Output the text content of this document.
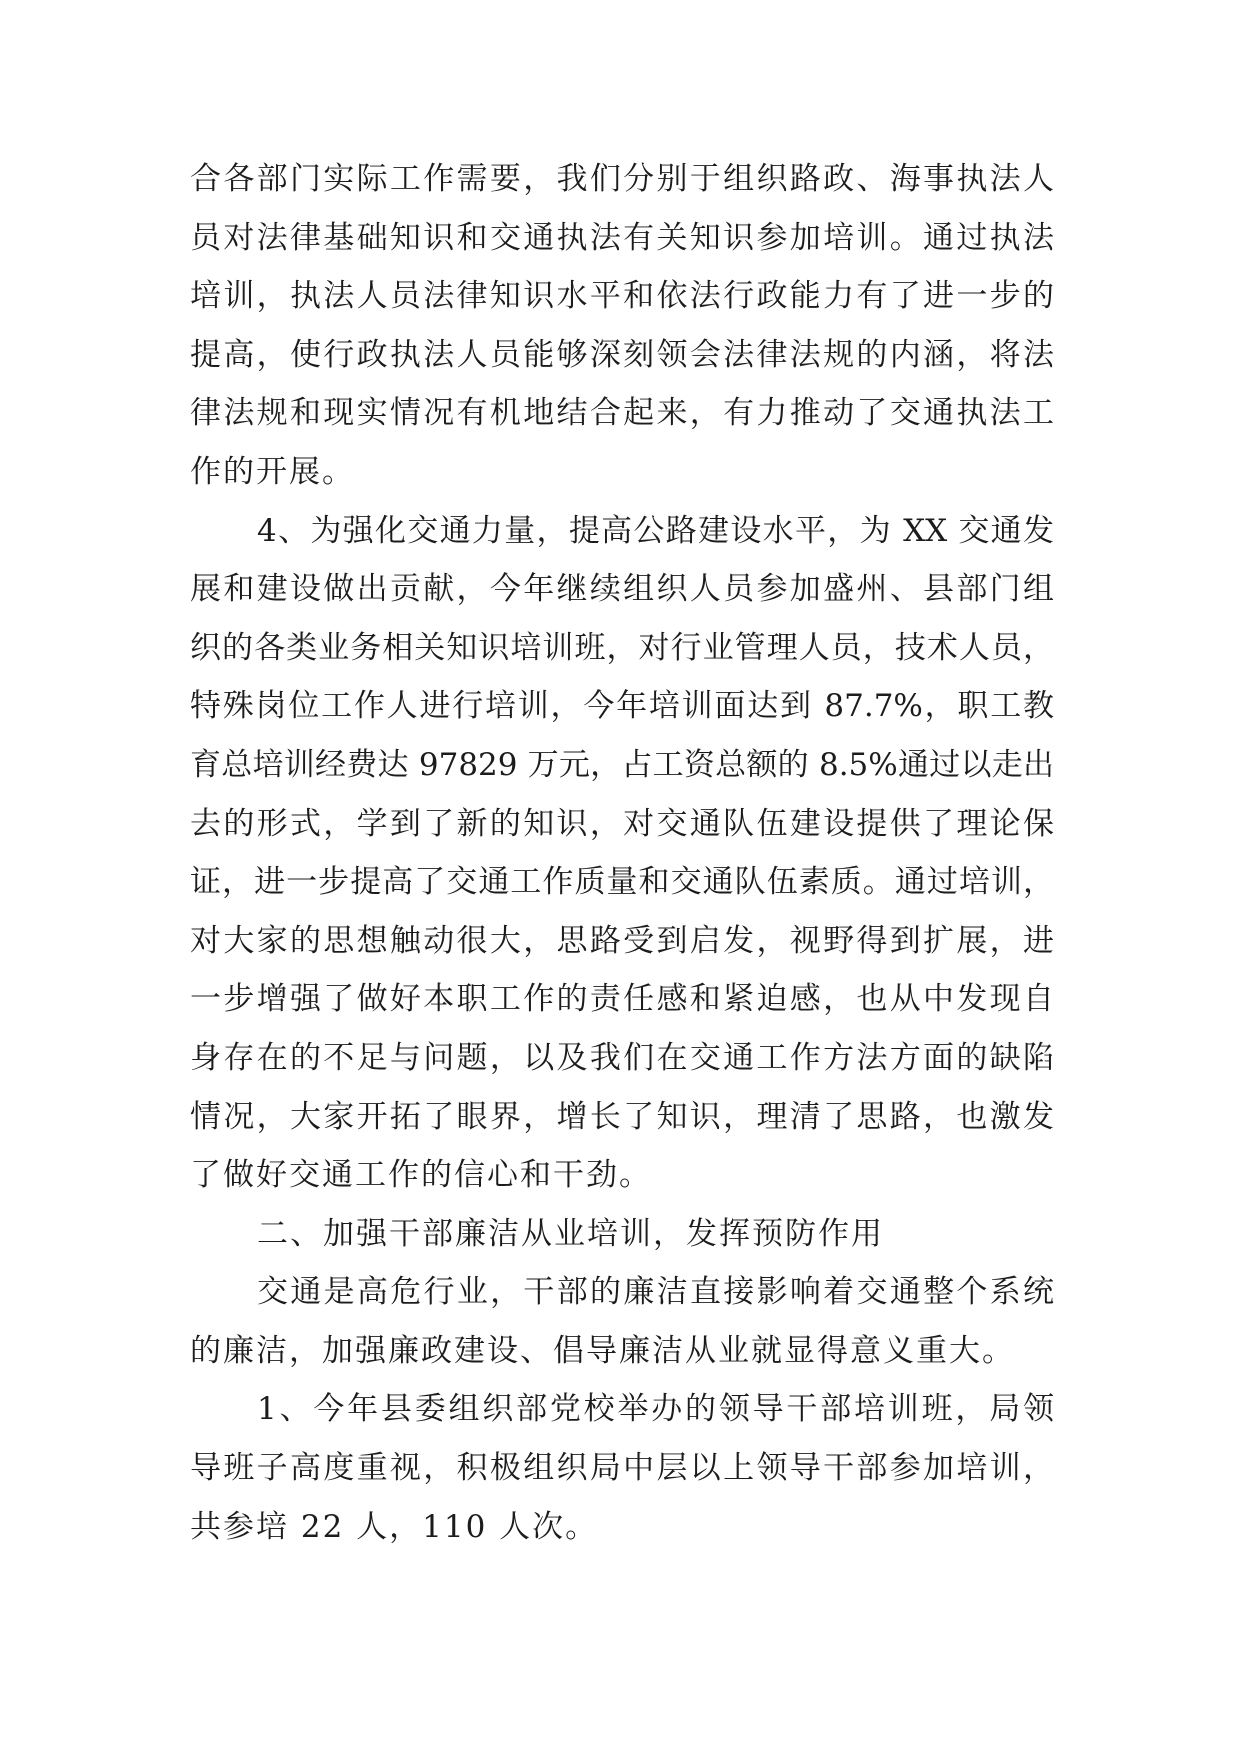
合各部门实际工作需要，我们分别于组织路政、海事执法人
员对法律基础知识和交通执法有关知识参加培训。通过执法
培训，执法人员法律知识水平和依法行政能力有了进一步的
提高，使行政执法人员能够深刻领会法律法规的内涵，将法
律法规和现实情况有机地结合起来，有力推动了交通执法工
作的开展。
4、为强化交通力量，提高公路建设水平，为 XX 交通发
展和建设做出贡献，今年继续组织人员参加盛州、县部门组
织的各类业务相关知识培训班，对行业管理人员，技术人员，
特殊岗位工作人进行培训，今年培训面达到 87.7%，职工教
育总培训经费达 97829 万元，占工资总额的 8.5%通过以走出
去的形式，学到了新的知识，对交通队伍建设提供了理论保
证，进一步提高了交通工作质量和交通队伍素质。通过培训，
对大家的思想触动很大，思路受到启发，视野得到扩展，进
一步增强了做好本职工作的责任感和紧迫感，也从中发现自
身存在的不足与问题，以及我们在交通工作方法方面的缺陷
情况，大家开拓了眼界，增长了知识，理清了思路，也激发
了做好交通工作的信心和干劲。
二、加强干部廉洁从业培训，发挥预防作用
交通是高危行业，干部的廉洁直接影响着交通整个系统
的廉洁，加强廉政建设、倡导廉洁从业就显得意义重大。
1、今年县委组织部党校举办的领导干部培训班，局领
导班子高度重视，积极组织局中层以上领导干部参加培训，
共参培 22 人，110 人次。
